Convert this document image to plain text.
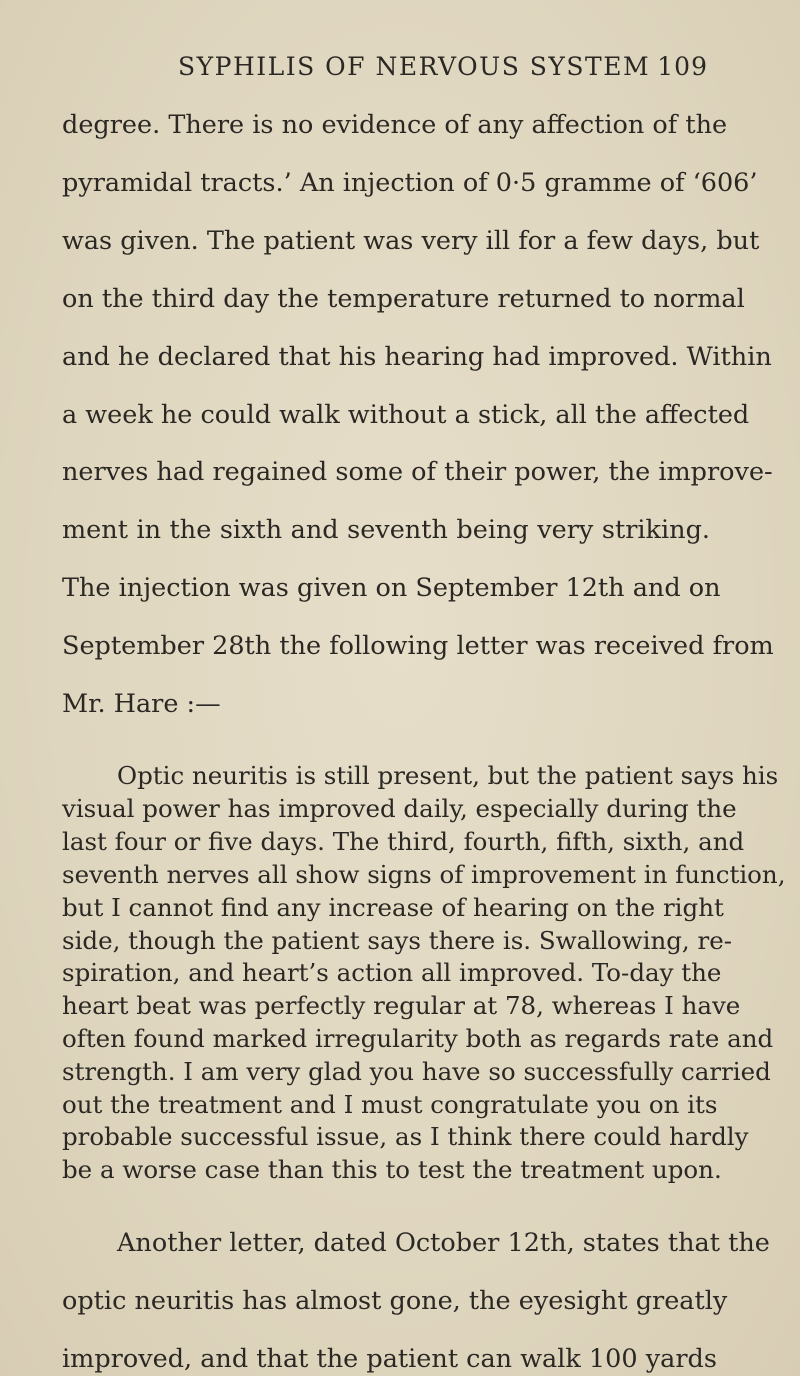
SYPHILIS OF NERVOUS SYSTEM 109

degree. There is no evidence of any affection of the

pyramidal tracts.’ An injection of 0·5 gramme of ‘606’

was given. The patient was very ill for a few days, but

on the third day the temperature returned to normal

and he declared that his hearing had improved. Within

a week he could walk without a stick, all the affected

nerves had regained some of their power, the improve-

ment in the sixth and seventh being very striking.

The injection was given on September 12th and on

September 28th the following letter was received from

Mr. Hare :—

Optic neuritis is still present, but the patient says his

visual power has improved daily, especially during the

last four or five days. The third, fourth, fifth, sixth, and

seventh nerves all show signs of improvement in function,

but I cannot find any increase of hearing on the right

side, though the patient says there is. Swallowing, re-

spiration, and heart’s action all improved. To-day the

heart beat was perfectly regular at 78, whereas I have

often found marked irregularity both as regards rate and

strength. I am very glad you have so successfully carried

out the treatment and I must congratulate you on its

probable successful issue, as I think there could hardly

be a worse case than this to test the treatment upon.

Another letter, dated October 12th, states that the

optic neuritis has almost gone, the eyesight greatly

improved, and that the patient can walk 100 yards
